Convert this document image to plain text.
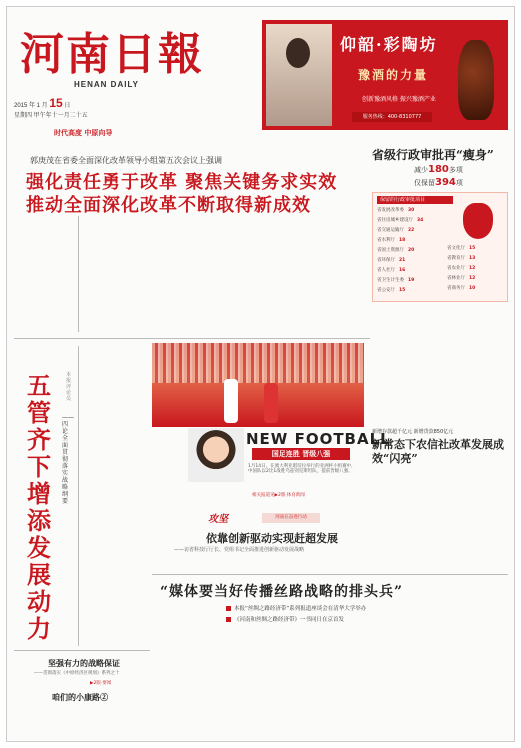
河南日報
HENAN DAILY
2015 年 1 月 15 日
星期四 甲午年十一月二十五
时代高度 中原向导
仰韶·彩陶坊
豫酒的力量
创新豫酒风格 振兴豫酒产业
服务热线：400-8310777
郭庚茂在省委全面深化改革领导小组第五次会议上强调
强化责任勇于改革 聚焦关键务求实效
推动全面深化改革不断取得新成效

省级行政审批再“瘦身”
减少180多项
仅保留394项
保留的行政审批项目
省发展改革委 30
省住房城乡建设厅 34
省交通运输厅 22
省水利厅 18
省国土资源厅 20
省环保厅 21
省人社厅 16
省卫生计生委 19
省公安厅 15
省文化厅 15
省教育厅 13
省农业厅 12
省林业厅 12
省商务厅 10
五管齐下增添发展动力
本报评论员
——四论全面贯彻落实战略纲要
NEW FOOTBALL
国足连胜 晋级八强
1月14日，在澳大利亚堪培拉举行的亚洲杯小组赛中，中国队以2比1战胜乌兹别克斯坦队，提前晋级八强。
相关报道见▶2版·体育新闻
攻坚	河南在奋进行动
依靠创新驱动实现赶超发展
——访省科技厅厅长、党组书记全面推进创新驱动发展战略
新增存款超千亿元 新增贷款850亿元
新常态下农信社改革发展成效“闪亮”
“媒体要当好传播丝路战略的排头兵”
本报“丝绸之路经济带”系列报道座谈会在清华大学举办
《河南和丝绸之路经济带》一书同日在京首发
坚强有力的战略保证
——贯彻落实《中原经济区规划》系列之十
▶2版·要闻
咱们的小康路②
